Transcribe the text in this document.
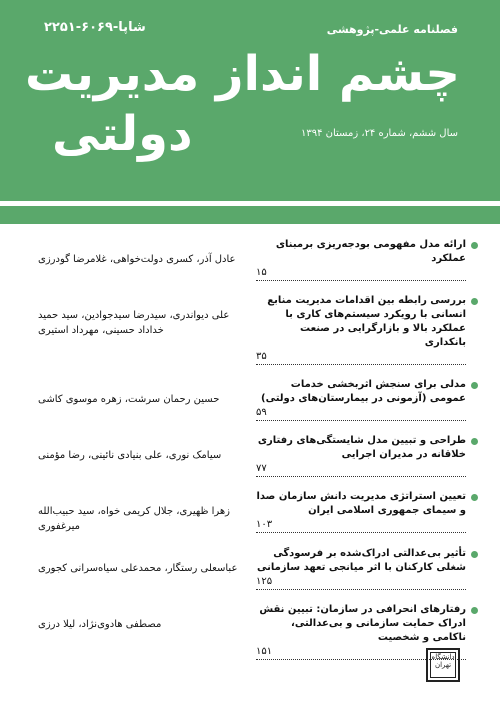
شاپا-۶۰۶۹-۲۲۵۱	فصلنامه علمی-پژوهشی
چشم انداز مدیریت
دولتی	سال ششم، شماره ۲۴، زمستان ۱۳۹۴
ارائه مدل مفهومی بودجه‌ریزی برمبنای عملکرد
۱۵
عادل آذر، کسری دولت‌خواهی، غلامرضا گودرزی
بررسی رابطه بین اقدامات مدیریت منابع انسانی با رویکرد سیستم‌های کاری با عملکرد بالا و بازارگرایی در صنعت بانکداری
۳۵
علی دیواندری، سیدرضا سیدجوادین، سید حمید خداداد حسینی، مهرداد استیری
مدلی برای سنجش اثربخشی خدمات عمومی (آزمونی در بیمارستان‌های دولتی)
۵۹
حسین رحمان سرشت، زهره موسوی کاشی
طراحی و تبیین مدل شایستگی‌های رفتاری خلاقانه در مدیران اجرایی
۷۷
سیامک نوری، علی بنیادی نائینی، رضا مؤمنی
تعیین استراتژی مدیریت دانش سازمان صدا و سیمای جمهوری اسلامی ایران
۱۰۳
زهرا ظهیری، جلال کریمی خواه، سید حبیب‌الله میرغفوری
تأثیر بی‌عدالتی ادراک‌شده بر فرسودگی شغلی کارکنان با اثر میانجی تعهد سازمانی
۱۲۵
عباسعلی رستگار، محمدعلی سیاه‌سرانی کجوری
رفتارهای انحرافی در سازمان: تبیین نقش ادراک حمایت سازمانی و بی‌عدالتی، ناکامی و شخصیت
۱۵۱
مصطفی هادوی‌نژاد، لیلا درزی
دانشگاه تهران
